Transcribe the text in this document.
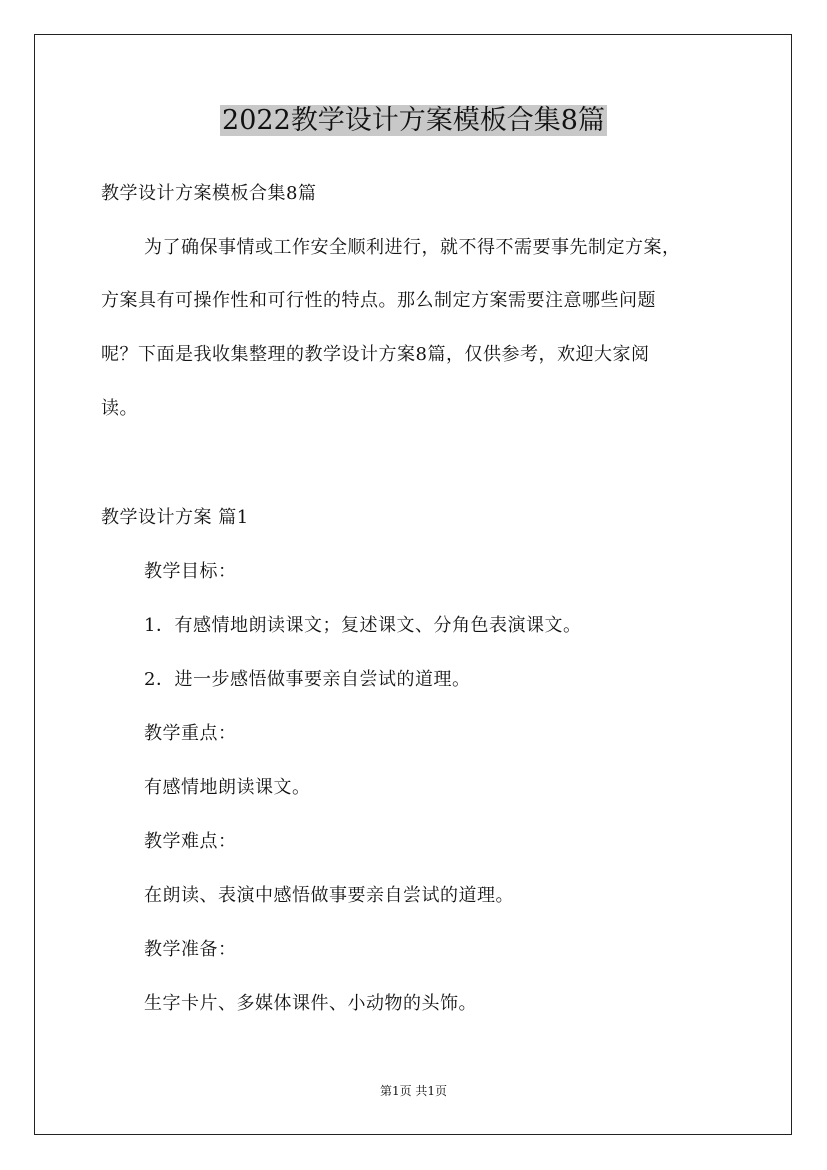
2022教学设计方案模板合集8篇
教学设计方案模板合集8篇
为了确保事情或工作安全顺利进行，就不得不需要事先制定方案，
方案具有可操作性和可行性的特点。那么制定方案需要注意哪些问题
呢？下面是我收集整理的教学设计方案8篇，仅供参考，欢迎大家阅
读。
教学设计方案 篇1
教学目标：
1．有感情地朗读课文；复述课文、分角色表演课文。
2．进一步感悟做事要亲自尝试的道理。
教学重点：
有感情地朗读课文。
教学难点：
在朗读、表演中感悟做事要亲自尝试的道理。
教学准备：
生字卡片、多媒体课件、小动物的头饰。
第1页 共1页
